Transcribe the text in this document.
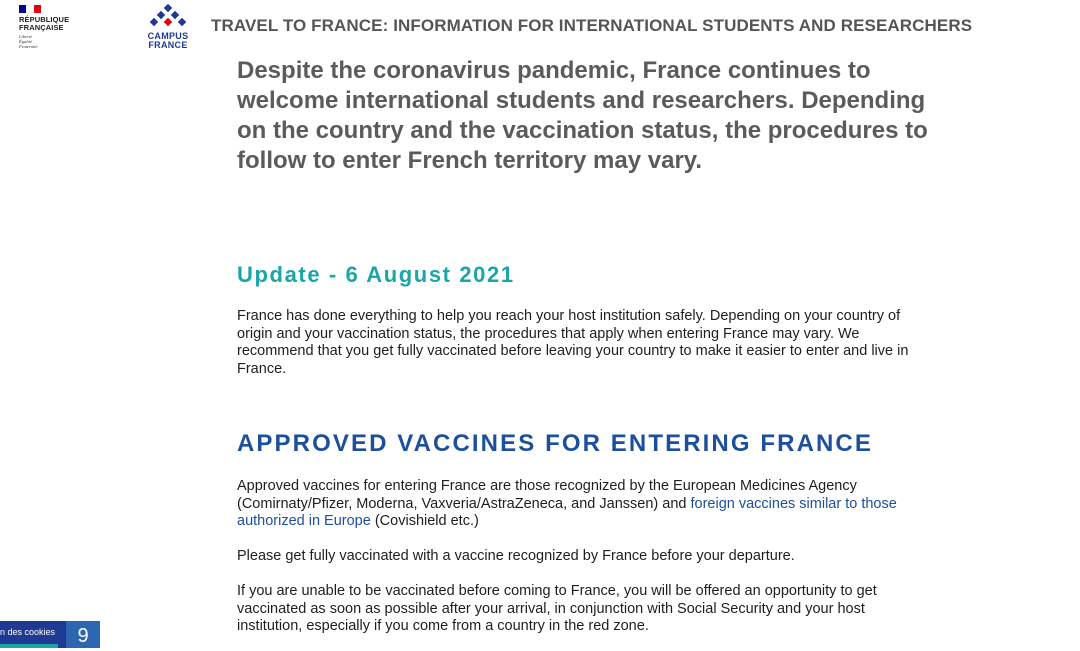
RÉPUBLIQUE
FRANÇAISE
Liberté
Égalité
Fraternité
CAMPUS
FRANCE
TRAVEL TO FRANCE: INFORMATION FOR INTERNATIONAL STUDENTS AND RESEARCHERS

Despite the coronavirus pandemic, France continues to welcome international students and researchers. Depending on the country and the vaccination status, the procedures to follow to enter French territory may vary.

Update - 6 August 2021

France has done everything to help you reach your host institution safely. Depending on your country of origin and your vaccination status, the procedures that apply when entering France may vary. We recommend that you get fully vaccinated before leaving your country to make it easier to enter and live in France.

APPROVED VACCINES FOR ENTERING FRANCE

Approved vaccines for entering France are those recognized by the European Medicines Agency (Comirnaty/Pfizer, Moderna, Vaxveria/AstraZeneca, and Janssen) and foreign vaccines similar to those authorized in Europe (Covishield etc.)

Please get fully vaccinated with a vaccine recognized by France before your departure.

If you are unable to be vaccinated before coming to France, you will be offered an opportunity to get vaccinated as soon as possible after your arrival, in conjunction with Social Security and your host institution, especially if you come from a country in the red zone.

n des cookies	9
